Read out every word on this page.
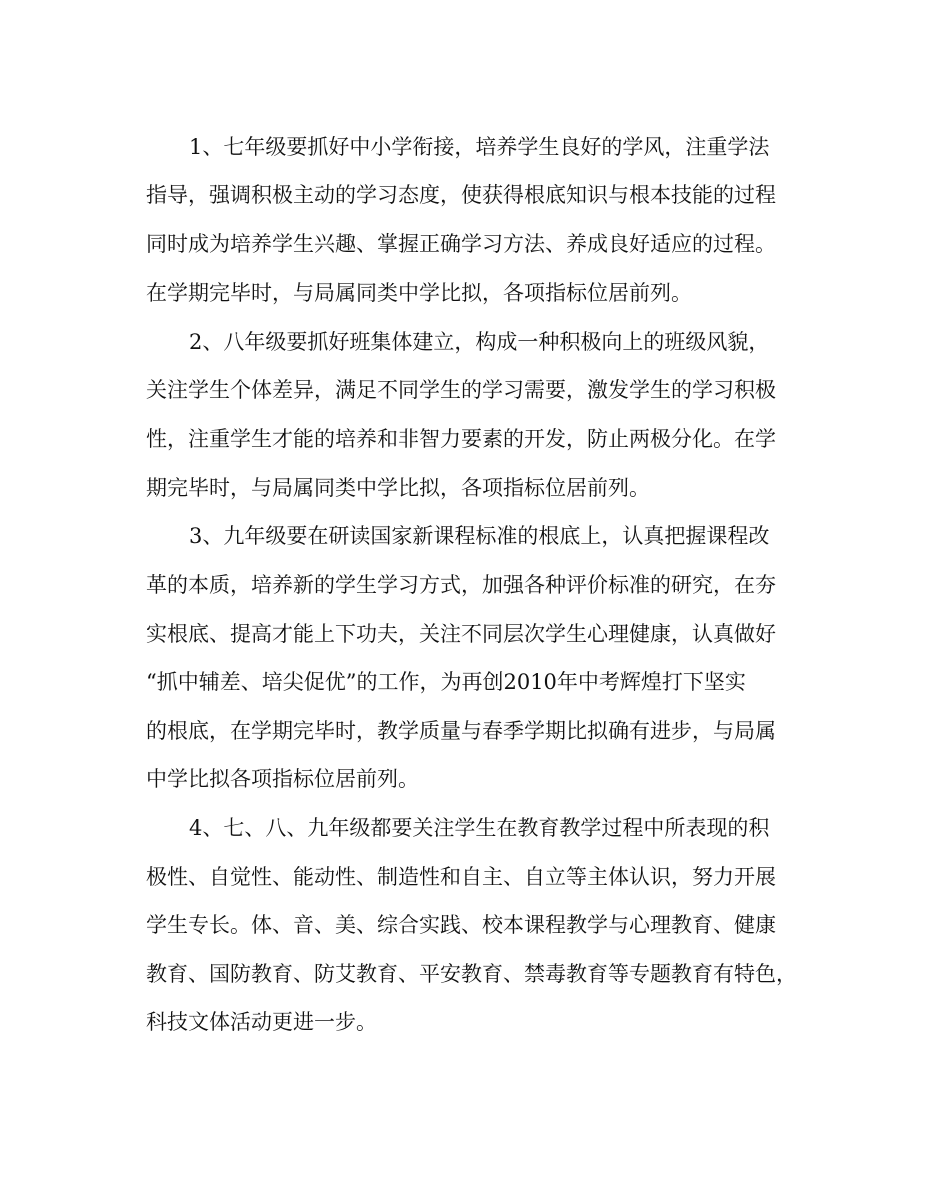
1、七年级要抓好中小学衔接，培养学生良好的学风，注重学法

指导，强调积极主动的学习态度，使获得根底知识与根本技能的过程

同时成为培养学生兴趣、掌握正确学习方法、养成良好适应的过程。

在学期完毕时，与局属同类中学比拟，各项指标位居前列。

2、八年级要抓好班集体建立，构成一种积极向上的班级风貌，

关注学生个体差异，满足不同学生的学习需要，激发学生的学习积极

性，注重学生才能的培养和非智力要素的开发，防止两极分化。在学

期完毕时，与局属同类中学比拟，各项指标位居前列。

3、九年级要在研读国家新课程标准的根底上，认真把握课程改

革的本质，培养新的学生学习方式，加强各种评价标准的研究，在夯

实根底、提高才能上下功夫，关注不同层次学生心理健康，认真做好

“抓中辅差、培尖促优”的工作，为再创2010年中考辉煌打下坚实

的根底，在学期完毕时，教学质量与春季学期比拟确有进步，与局属

中学比拟各项指标位居前列。

4、七、八、九年级都要关注学生在教育教学过程中所表现的积

极性、自觉性、能动性、制造性和自主、自立等主体认识，努力开展

学生专长。体、音、美、综合实践、校本课程教学与心理教育、健康

教育、国防教育、防艾教育、平安教育、禁毒教育等专题教育有特色，

科技文体活动更进一步。
